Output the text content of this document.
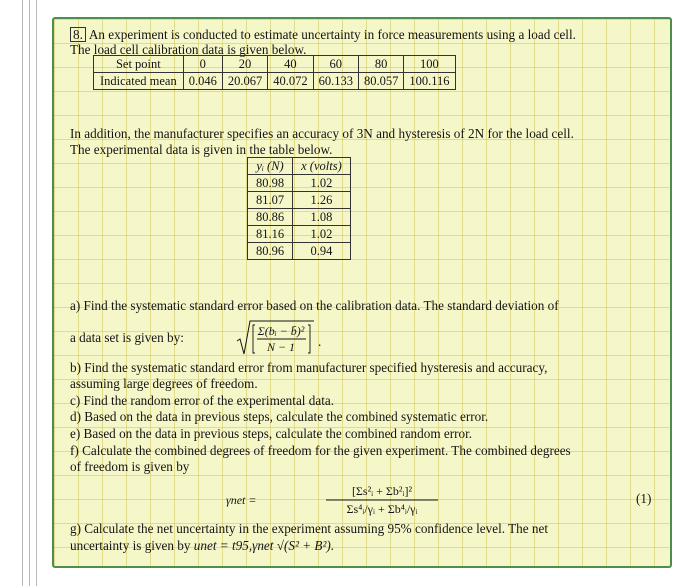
8. An experiment is conducted to estimate uncertainty in force measurements using a load cell.
The load cell calibration data is given below.
Set point	0	20	40	60	80	100
Indicated mean	0.046	20.067	40.072	60.133	80.057	100.116
In addition, the manufacturer specifies an accuracy of 3N and hysteresis of 2N for the load cell.
The experimental data is given in the table below.
yᵢ (N)	x (volts)
80.98	1.02
81.07	1.26
80.86	1.08
81.16	1.02
80.96	0.94
a) Find the systematic standard error based on the calibration data. The standard deviation of
a data set is given by:	Σ(bᵢ − b̄)²
N − 1 .
b) Find the systematic standard error from manufacturer specified hysteresis and accuracy,
assuming large degrees of freedom.
c) Find the random error of the experimental data.
d) Based on the data in previous steps, calculate the combined systematic error.
e) Based on the data in previous steps, calculate the combined random error.
f) Calculate the combined degrees of freedom for the given experiment. The combined degrees
of freedom is given by
γnet =
[Σs²ᵢ + Σb²ᵢ]²
Σs⁴ᵢ/γᵢ + Σb⁴ᵢ/γᵢ
(1)
g) Calculate the net uncertainty in the experiment assuming 95% confidence level. The net
uncertainty is given by unet = t95,γnet √(S² + B²).
